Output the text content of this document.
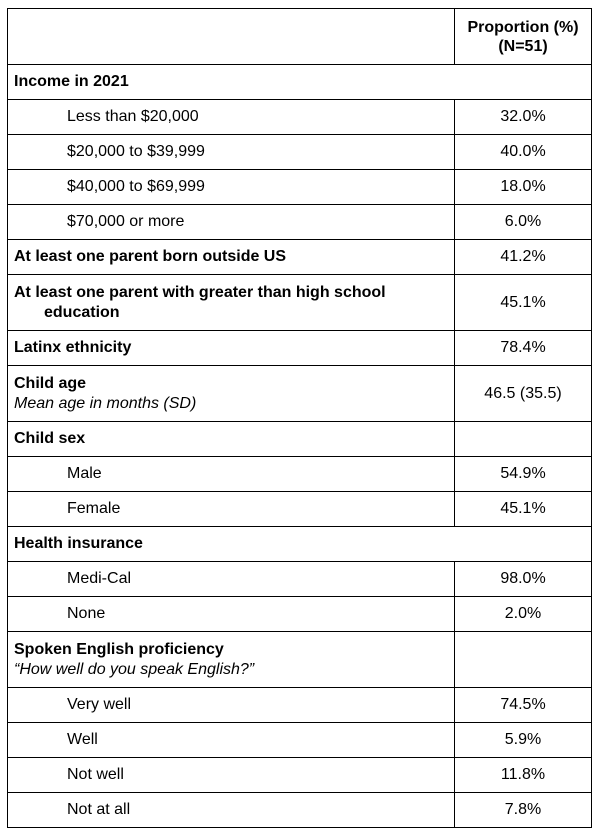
	Proportion (%)
(N=51)

Income in 2021	
Less than $20,000	32.0%
$20,000 to $39,999	40.0%
$40,000 to $69,999	18.0%
$70,000 or more	6.0%
At least one parent born outside US	41.2%

At least one parent with greater than high school
education	45.1%
Latinx ethnicity	78.4%

Child age
Mean age in months (SD)	46.5 (35.5)
Child sex	
Male	54.9%
Female	45.1%
Health insurance	
Medi-Cal	98.0%
None	2.0%

Spoken English proficiency
“How well do you speak English?”	

Very well	74.5%
Well	5.9%
Not well	11.8%
Not at all	7.8%
